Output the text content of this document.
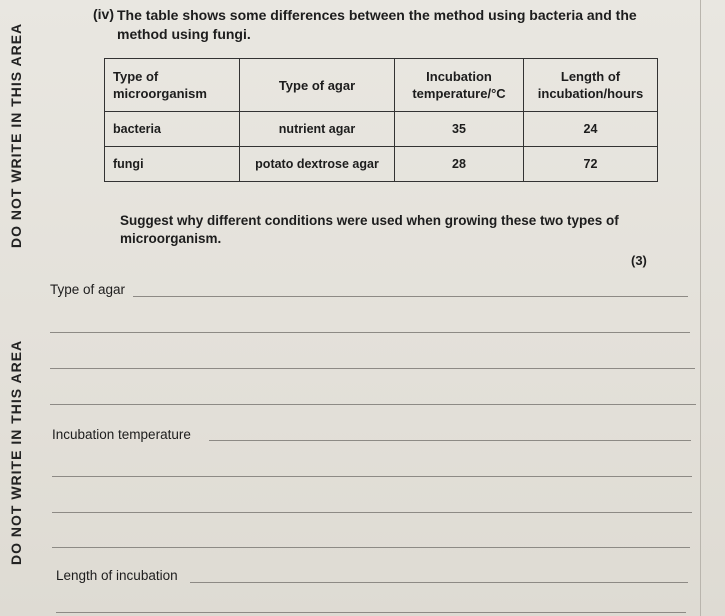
DO NOT WRITE IN THIS AREA
DO NOT WRITE IN THIS AREA
(iv) The table shows some differences between the method using bacteria and the method using fungi.
Type of microorganism	Type of agar	Incubation temperature/°C	Length of incubation/hours
bacteria	nutrient agar	35	24
fungi	potato dextrose agar	28	72
Suggest why different conditions were used when growing these two types of microorganism.
(3)
Type of agar
Incubation temperature
Length of incubation
